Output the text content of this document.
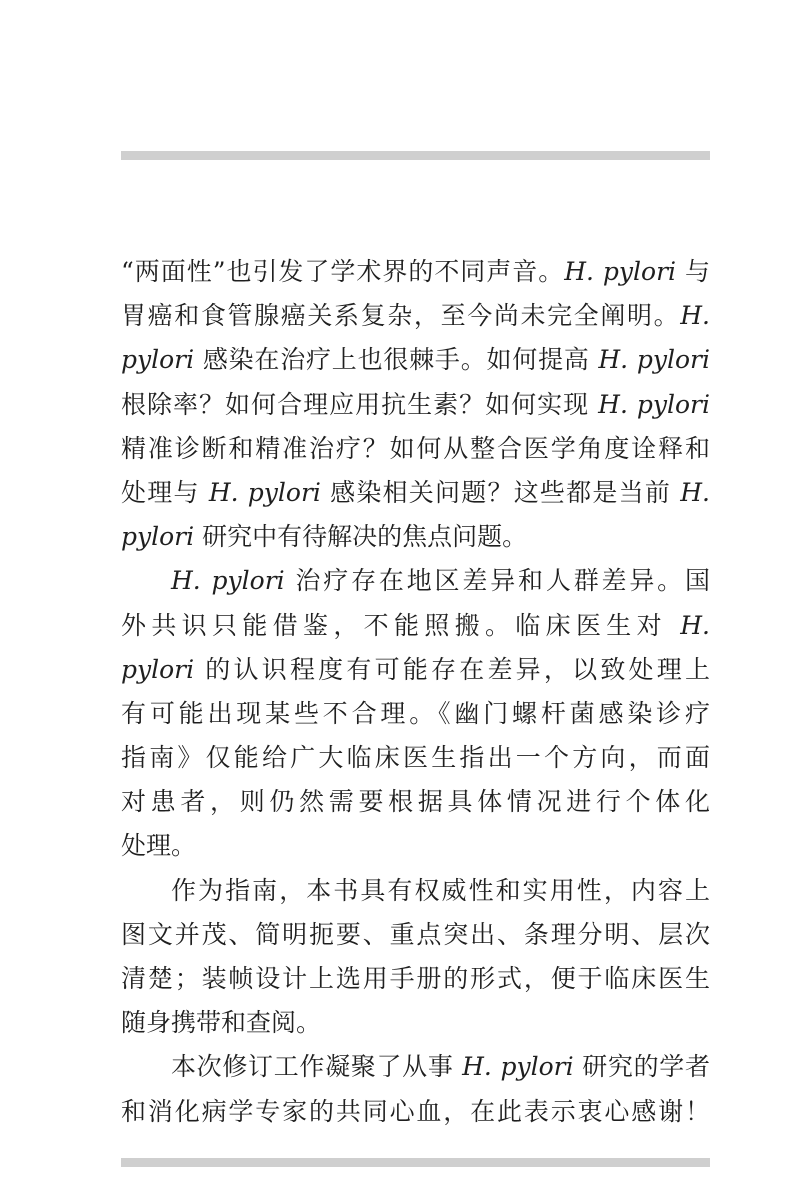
“两面性”也引发了学术界的不同声音。H. pylori 与
胃癌和食管腺癌关系复杂，至今尚未完全阐明。H.
pylori 感染在治疗上也很棘手。如何提高 H. pylori
根除率？如何合理应用抗生素？如何实现 H. pylori
精准诊断和精准治疗？如何从整合医学角度诠释和
处理与 H. pylori 感染相关问题？这些都是当前 H.
pylori 研究中有待解决的焦点问题。
H. pylori 治疗存在地区差异和人群差异。国
外共识只能借鉴，不能照搬。临床医生对 H.
pylori 的认识程度有可能存在差异，以致处理上
有可能出现某些不合理。《幽门螺杆菌感染诊疗
指南》仅能给广大临床医生指出一个方向，而面
对患者，则仍然需要根据具体情况进行个体化
处理。
作为指南，本书具有权威性和实用性，内容上
图文并茂、简明扼要、重点突出、条理分明、层次
清楚；装帧设计上选用手册的形式，便于临床医生
随身携带和查阅。
本次修订工作凝聚了从事 H. pylori 研究的学者
和消化病学专家的共同心血，在此表示衷心感谢！
